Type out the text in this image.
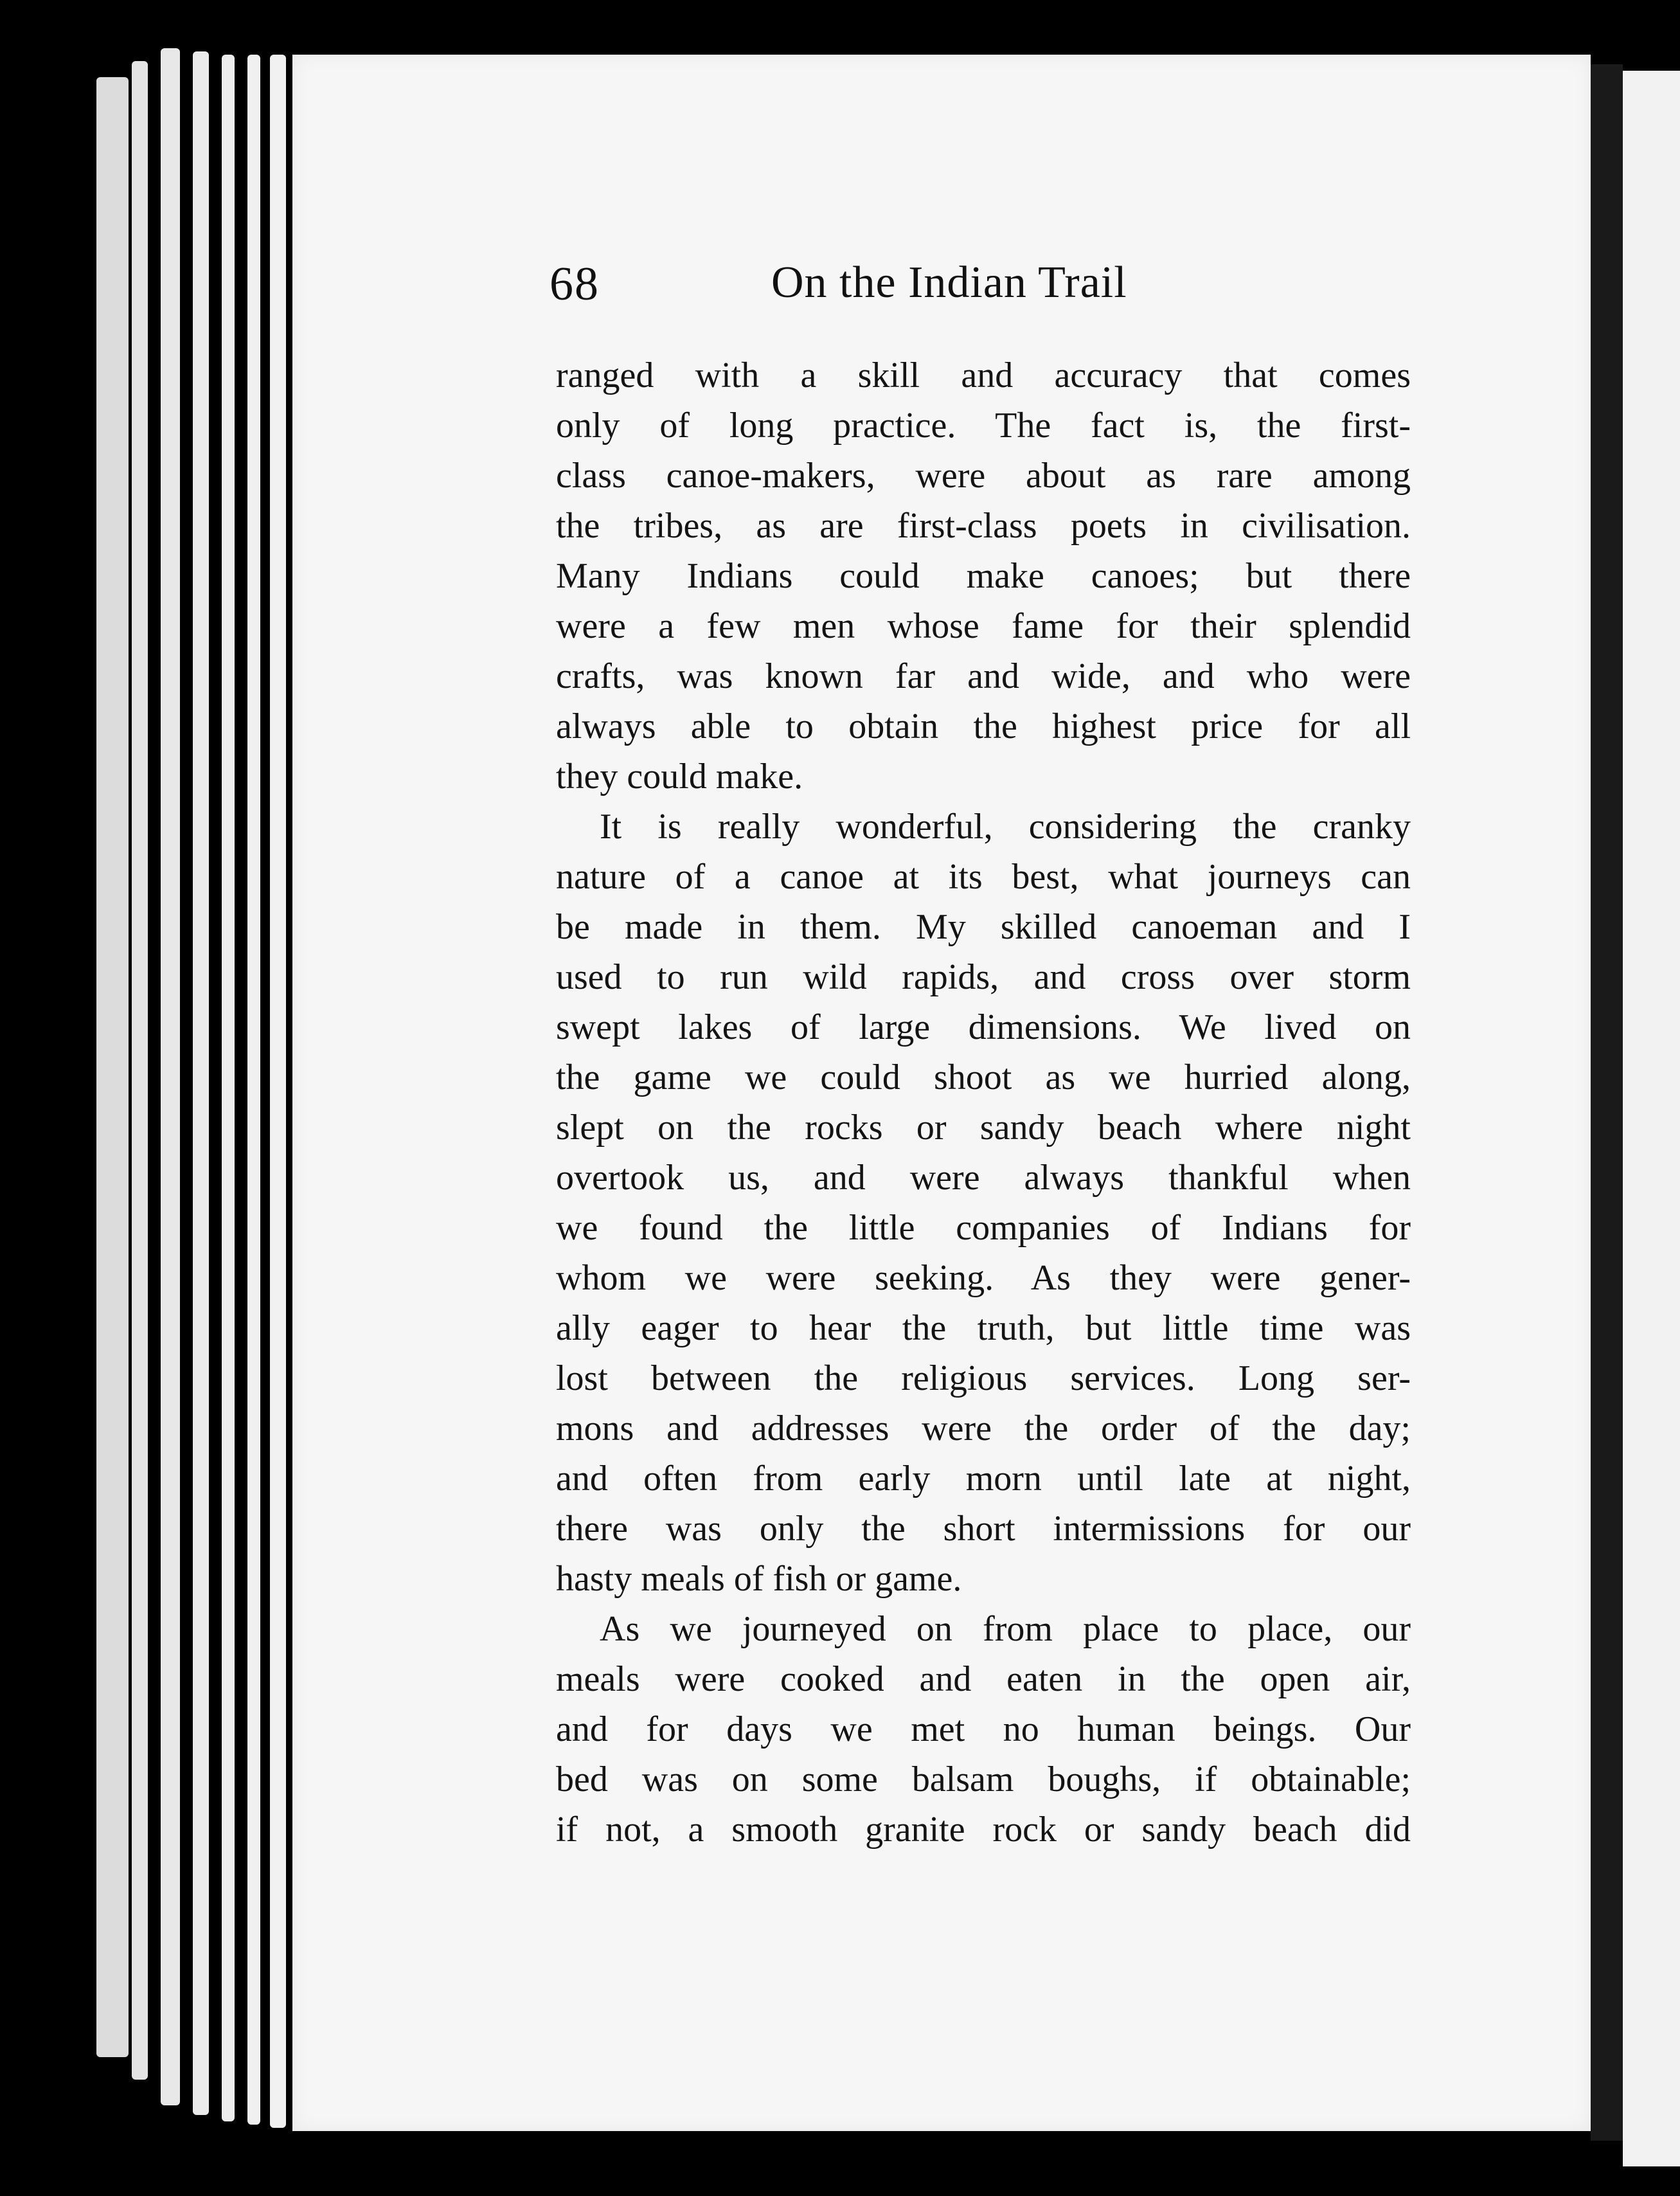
68	On the Indian Trail
ranged with a skill and accuracy that comes
only of long practice. The fact is, the first-
class canoe-makers, were about as rare among
the tribes, as are first-class poets in civilisation.
Many Indians could make canoes; but there
were a few men whose fame for their splendid
crafts, was known far and wide, and who were
always able to obtain the highest price for all
they could make.
It is really wonderful, considering the cranky
nature of a canoe at its best, what journeys can
be made in them. My skilled canoeman and I
used to run wild rapids, and cross over storm
swept lakes of large dimensions. We lived on
the game we could shoot as we hurried along,
slept on the rocks or sandy beach where night
overtook us, and were always thankful when
we found the little companies of Indians for
whom we were seeking. As they were gener-
ally eager to hear the truth, but little time was
lost between the religious services. Long ser-
mons and addresses were the order of the day;
and often from early morn until late at night,
there was only the short intermissions for our
hasty meals of fish or game.
As we journeyed on from place to place, our
meals were cooked and eaten in the open air,
and for days we met no human beings. Our
bed was on some balsam boughs, if obtainable;
if not, a smooth granite rock or sandy beach did
